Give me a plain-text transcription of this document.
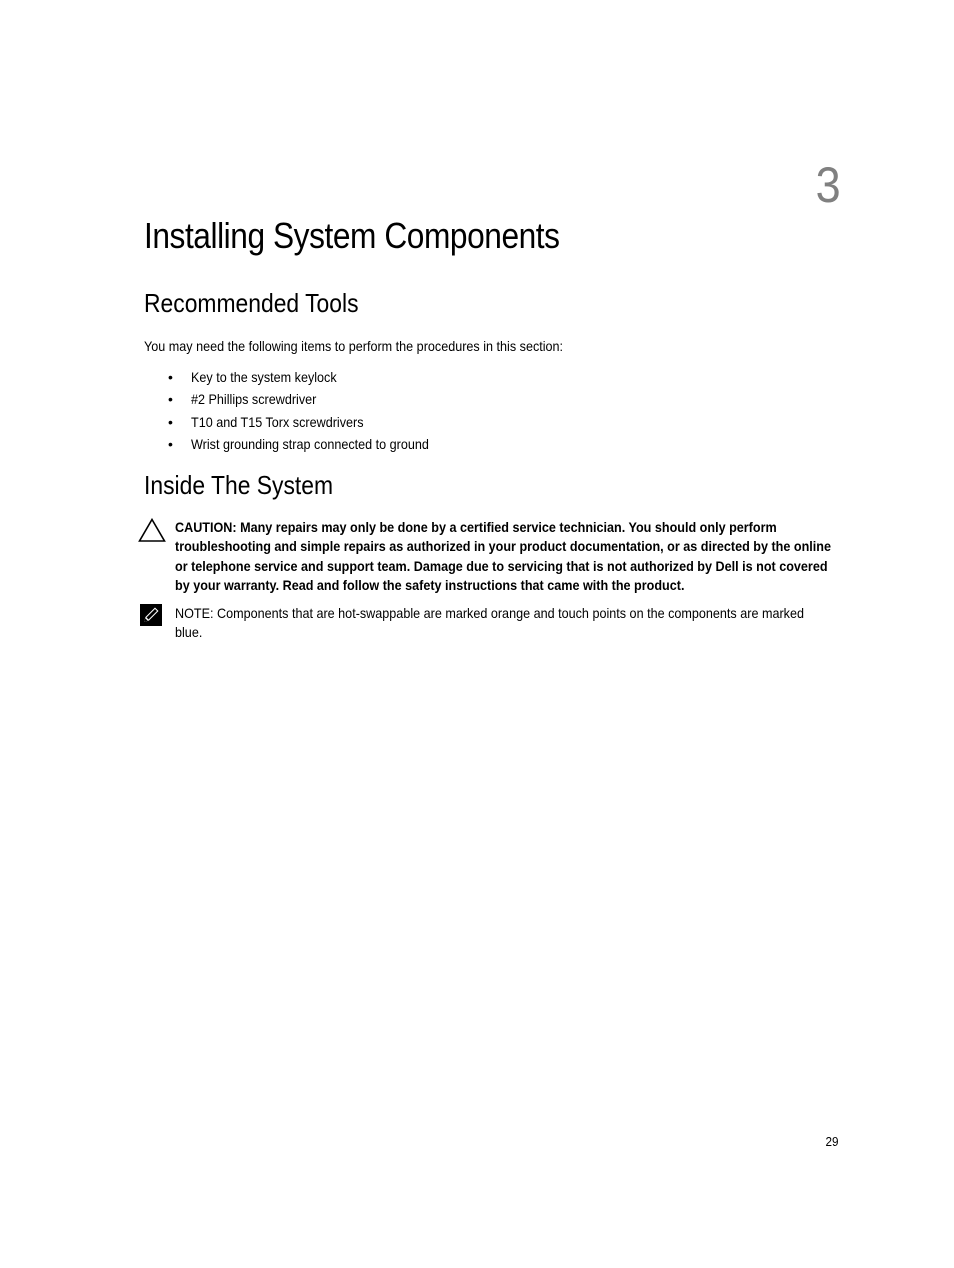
3
Installing System Components
Recommended Tools

You may need the following items to perform the procedures in this section:

• Key to the system keylock
• #2 Phillips screwdriver
• T10 and T15 Torx screwdrivers
• Wrist grounding strap connected to ground
Inside The System

CAUTION: Many repairs may only be done by a certified service technician. You should only perform troubleshooting and simple repairs as authorized in your product documentation, or as directed by the online or telephone service and support team. Damage due to servicing that is not authorized by Dell is not covered by your warranty. Read and follow the safety instructions that came with the product.

NOTE: Components that are hot-swappable are marked orange and touch points on the components are marked blue.

29
